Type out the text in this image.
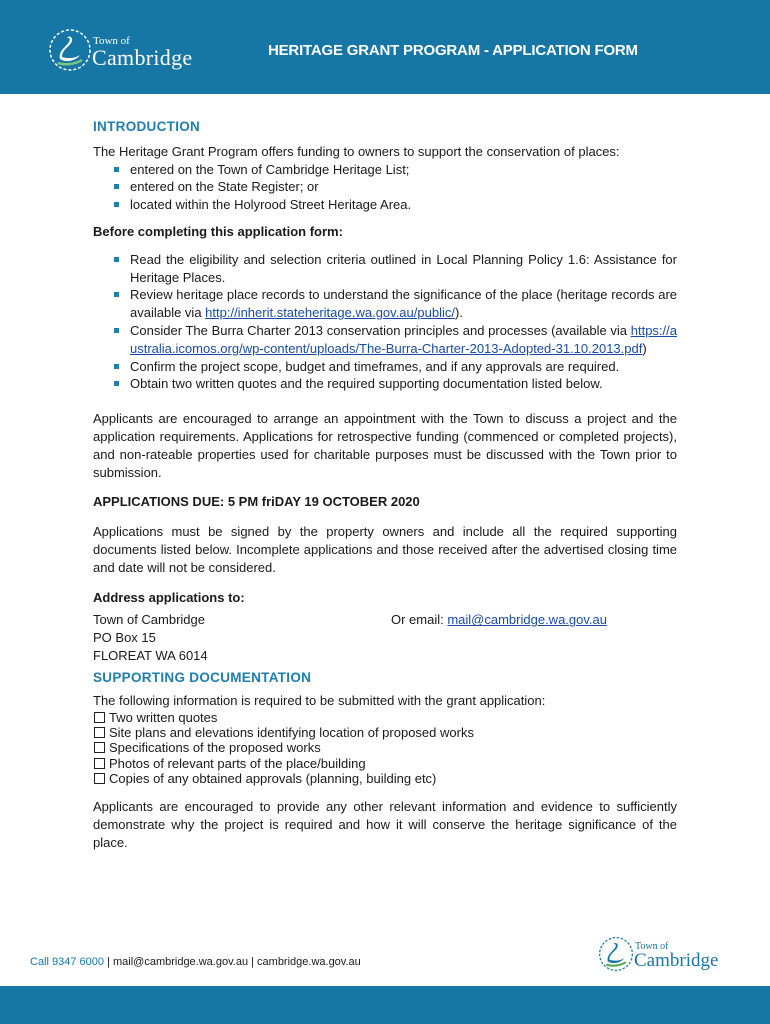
Town of
Cambridge	HERITAGE GRANT PROGRAM - APPLICATION FORM
INTRODUCTION

The Heritage Grant Program offers funding to owners to support the conservation of places:

entered on the Town of Cambridge Heritage List;
entered on the State Register; or
located within the Holyrood Street Heritage Area.

Before completing this application form:

Read the eligibility and selection criteria outlined in Local Planning Policy 1.6: Assistance for Heritage Places.
Review heritage place records to understand the significance of the place (heritage records are available via http://inherit.stateheritage.wa.gov.au/public/).
Consider The Burra Charter 2013 conservation principles and processes (available via https://australia.icomos.org/wp-content/uploads/The-Burra-Charter-2013-Adopted-31.10.2013.pdf)
Confirm the project scope, budget and timeframes, and if any approvals are required.
Obtain two written quotes and the required supporting documentation listed below.

Applicants are encouraged to arrange an appointment with the Town to discuss a project and the application requirements. Applications for retrospective funding (commenced or completed projects), and non-rateable properties used for charitable purposes must be discussed with the Town prior to submission.

APPLICATIONS DUE: 5 PM friDAY 19 OCTOBER 2020

Applications must be signed by the property owners and include all the required supporting documents listed below. Incomplete applications and those received after the advertised closing time and date will not be considered.

Address applications to:

Town of Cambridge
PO Box 15
FLOREAT WA 6014
Or email: mail@cambridge.wa.gov.au
SUPPORTING DOCUMENTATION

The following information is required to be submitted with the grant application:

Two written quotes
Site plans and elevations identifying location of proposed works
Specifications of the proposed works
Photos of relevant parts of the place/building
Copies of any obtained approvals (planning, building etc)

Applicants are encouraged to provide any other relevant information and evidence to sufficiently demonstrate why the project is required and how it will conserve the heritage significance of the place.

Call 9347 6000 | mail@cambridge.wa.gov.au | cambridge.wa.gov.au
Town of
Cambridge
